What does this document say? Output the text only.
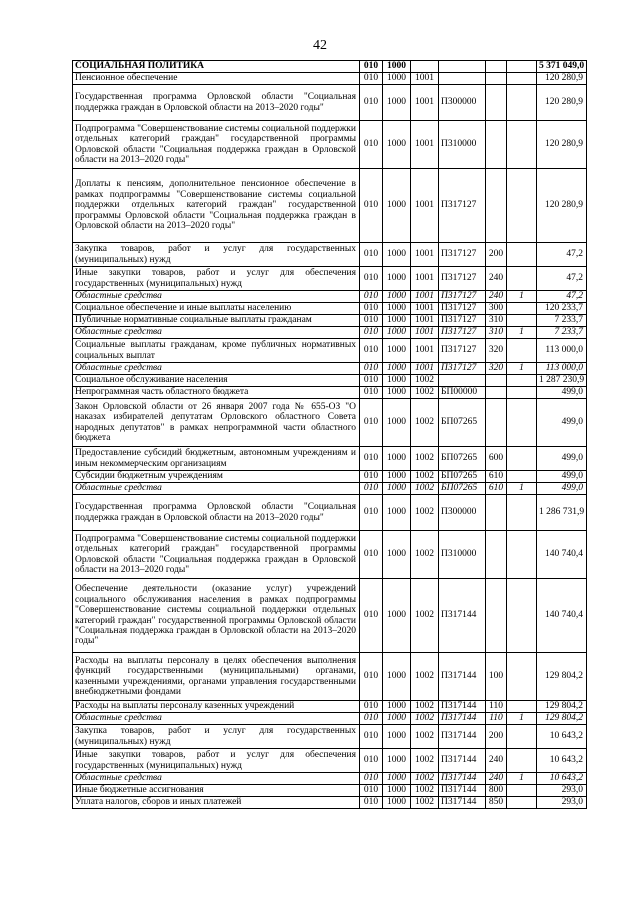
42
СОЦИАЛЬНАЯ ПОЛИТИКА	010	1000					5 371 049,0
Пенсионное обеспечение	010	1000	1001				120 280,9
Государственная программа Орловской области "Социальная поддержка граждан в Орловской области на 2013–2020 годы"	010	1000	1001	П300000			120 280,9
Подпрограмма "Совершенствование системы социальной поддержки отдельных категорий граждан" государственной программы Орловской области "Социальная поддержка граждан в Орловской области на 2013–2020 годы"	010	1000	1001	П310000			120 280,9
Доплаты к пенсиям, дополнительное пенсионное обеспечение в рамках подпрограммы "Совершенствование системы социальной поддержки отдельных категорий граждан" государственной программы Орловской области "Социальная поддержка граждан в Орловской области на 2013–2020 годы"	010	1000	1001	П317127			120 280,9
Закупка товаров, работ и услуг для государственных (муниципальных) нужд	010	1000	1001	П317127	200		47,2
Иные закупки товаров, работ и услуг для обеспечения государственных (муниципальных) нужд	010	1000	1001	П317127	240		47,2
Областные средства	010	1000	1001	П317127	240	1	47,2
Социальное обеспечение и иные выплаты населению	010	1000	1001	П317127	300		120 233,7
Публичные нормативные социальные выплаты гражданам	010	1000	1001	П317127	310		7 233,7
Областные средства	010	1000	1001	П317127	310	1	7 233,7
Социальные выплаты гражданам, кроме публичных нормативных социальных выплат	010	1000	1001	П317127	320		113 000,0
Областные средства	010	1000	1001	П317127	320	1	113 000,0
Социальное обслуживание населения	010	1000	1002				1 287 230,9
Непрограммная часть областного бюджета	010	1000	1002	БП00000			499,0
Закон Орловской области от 26 января 2007 года № 655-ОЗ "О наказах избирателей депутатам Орловского областного Совета народных депутатов" в рамках непрограммной части областного бюджета	010	1000	1002	БП07265			499,0
Предоставление субсидий бюджетным, автономным учреждениям и иным некоммерческим организациям	010	1000	1002	БП07265	600		499,0
Субсидии бюджетным учреждениям	010	1000	1002	БП07265	610		499,0
Областные средства	010	1000	1002	БП07265	610	1	499,0
Государственная программа Орловской области "Социальная поддержка граждан в Орловской области на 2013–2020 годы"	010	1000	1002	П300000			1 286 731,9
Подпрограмма "Совершенствование системы социальной поддержки отдельных категорий граждан" государственной программы Орловской области "Социальная поддержка граждан в Орловской области на 2013–2020 годы"	010	1000	1002	П310000			140 740,4
Обеспечение деятельности (оказание услуг) учреждений социального обслуживания населения в рамках подпрограммы "Совершенствование системы социальной поддержки отдельных категорий граждан" государственной программы Орловской области "Социальная поддержка граждан в Орловской области на 2013–2020 годы"	010	1000	1002	П317144			140 740,4
Расходы на выплаты персоналу в целях обеспечения выполнения функций государственными (муниципальными) органами, казенными учреждениями, органами управления государственными внебюджетными фондами	010	1000	1002	П317144	100		129 804,2
Расходы на выплаты персоналу казенных учреждений	010	1000	1002	П317144	110		129 804,2
Областные средства	010	1000	1002	П317144	110	1	129 804,2
Закупка товаров, работ и услуг для государственных (муниципальных) нужд	010	1000	1002	П317144	200		10 643,2
Иные закупки товаров, работ и услуг для обеспечения государственных (муниципальных) нужд	010	1000	1002	П317144	240		10 643,2
Областные средства	010	1000	1002	П317144	240	1	10 643,2
Иные бюджетные ассигнования	010	1000	1002	П317144	800		293,0
Уплата налогов, сборов и иных платежей	010	1000	1002	П317144	850		293,0
